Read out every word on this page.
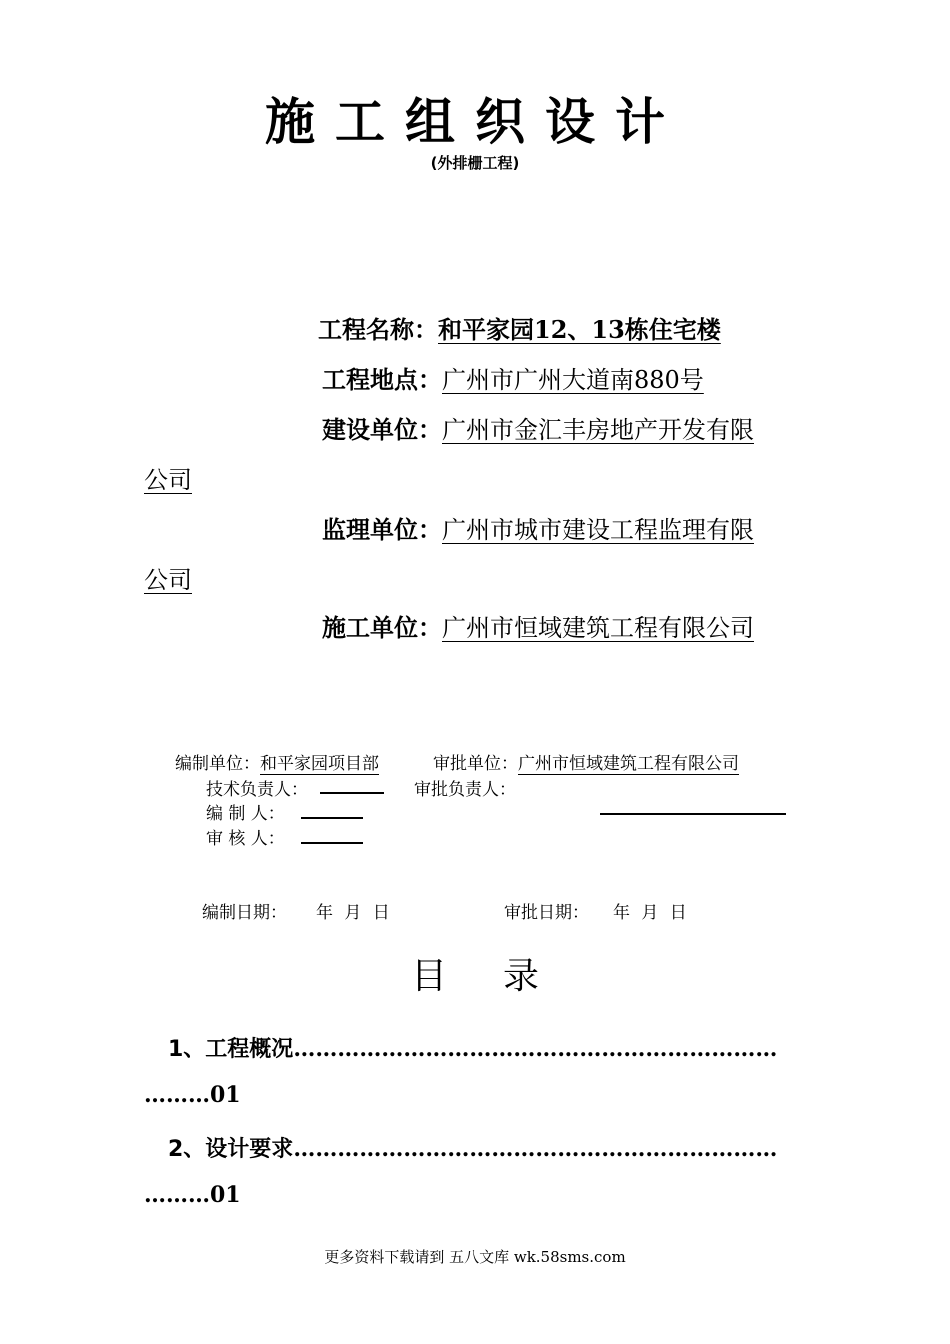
施工组织设计
(外排栅工程)
工程名称：和平家园12、13栋住宅楼
工程地点：广州市广州大道南880号
建设单位：广州市金汇丰房地产开发有限
公司
监理单位：广州市城市建设工程监理有限
公司
施工单位：广州市恒域建筑工程有限公司
编制单位：和平家园项目部	审批单位：广州市恒域建筑工程有限公司
技术负责人：	审批负责人：
编 制 人：
审 核 人：
编制日期： 年 月 日	审批日期： 年 月 日
目 录
1、工程概况…………………………………………………………
………01
2、设计要求…………………………………………………………
………01
更多资料下载请到 五八文库 wk.58sms.com
